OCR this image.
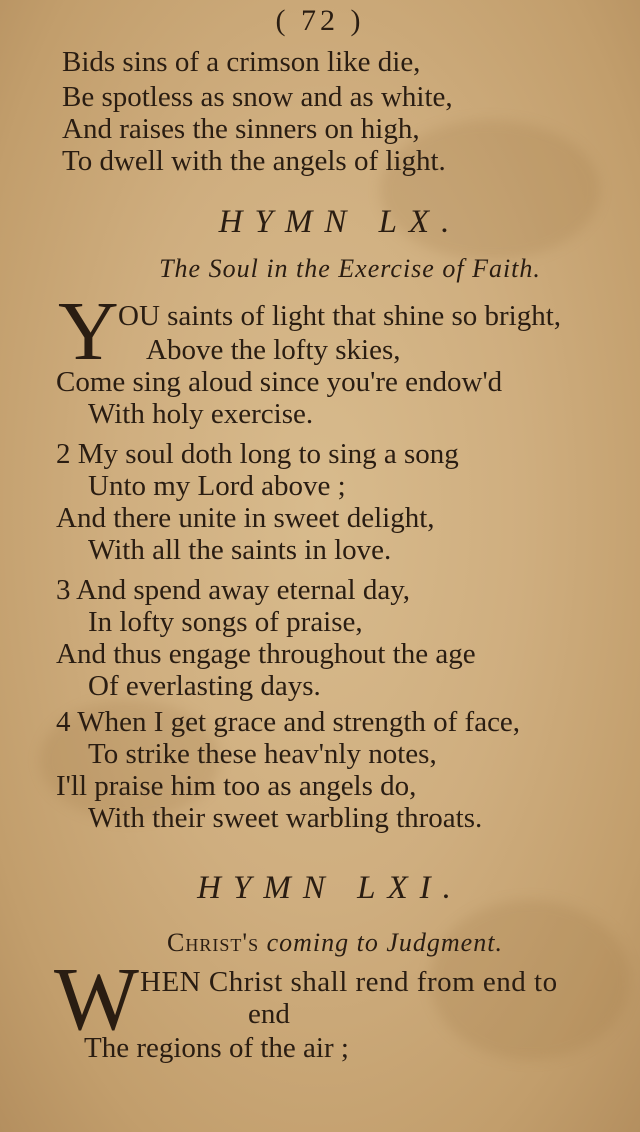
( 72 )
Bids sins of a crimson like die,
Be spotless as snow and as white,
And raises the sinners on high,
To dwell with the angels of light.
HYMN LX.
The Soul in the Exercise of Faith.
Y OU saints of light that shine so bright,
Above the lofty skies,
Come sing aloud since you're endow'd
With holy exercise.
2 My soul doth long to sing a song
Unto my Lord above ;
And there unite in sweet delight,
With all the saints in love.
3 And spend away eternal day,
In lofty songs of praise,
And thus engage throughout the age
Of everlasting days.
4 When I get grace and strength of face,
To strike these heav'nly notes,
I'll praise him too as angels do,
With their sweet warbling throats.
HYMN LXI.
Christ's coming to Judgment.
W HEN Christ shall rend from end to
end
The regions of the air ;
